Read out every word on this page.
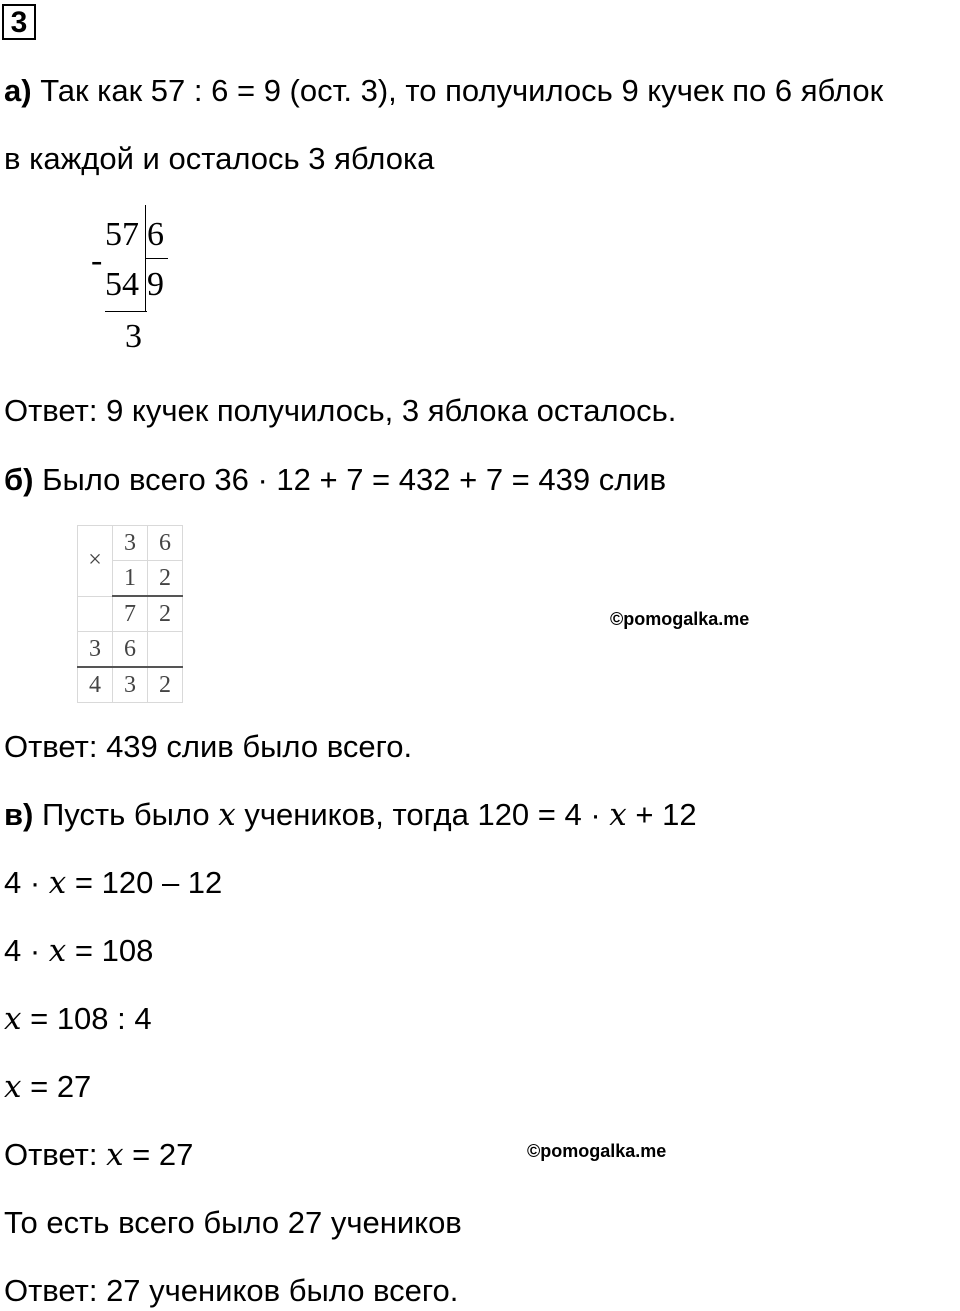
3
а) Так как 57 : 6 = 9 (ост. 3), то получилось 9 кучек по 6 яблок
в каждой и осталось 3 яблока
57 6
-
54 9
3
Ответ: 9 кучек получилось, 3 яблока осталось.
б) Было всего 36 · 12 + 7 = 432 + 7 = 439 слив
×	3	6
	1	2
	7	2
3	6	
4	3	2
©pomogalka.me
Ответ: 439 слив было всего.
в) Пусть было x учеников, тогда 120 = 4 · x + 12
4 · x = 120 – 12
4 · x = 108
x = 108 : 4
x = 27
Ответ: x = 27	©pomogalka.me
То есть всего было 27 учеников
Ответ: 27 учеников было всего.
